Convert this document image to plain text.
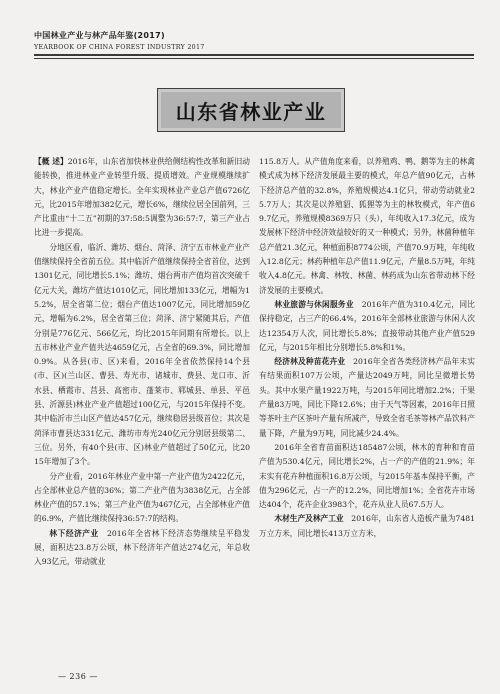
中国林业产业与林产品年鉴(2017)
YEARBOOK OF CHINA FOREST INDUSTRY 2017
山东省林业产业

【概 述】2016年，山东省加快林业供给侧结构性改革和新旧动能转换，推进林业产业转型升级、提质增效。产业规模继续扩大，林业产业产值稳定增长。全年实现林业产业总产值6726亿元，比2015年增加382亿元，增长6%，继续位居全国前列，三产比重由“十二五”初期的37:58:5调整为36:57:7，第三产业占比进一步提高。

分地区看，临沂、潍坊、烟台、菏泽、济宁五市林业产业产值继续保持全省前五位。其中临沂产值继续保持全省首位，达到1301亿元，同比增长5.1%；潍坊、烟台两市产值均首次突破千亿元大关，潍坊产值达1010亿元，同比增加133亿元，增幅为15.2%，居全省第二位；烟台产值达1007亿元，同比增加59亿元，增幅为6.2%，居全省第三位；菏泽、济宁紧随其后，产值分别是776亿元、566亿元，均比2015年同期有所增长。以上五市林业产业产值共达4659亿元，占全省的69.3%，同比增加0.9%。从各县(市、区)来看，2016年全省依然保持14个县(市、区)(兰山区、曹县、寿光市、诸城市、费县、龙口市、沂水县、栖霞市、莒县、高密市、蓬莱市、郓城县、单县、平邑县、沂源县)林业产业产值超过100亿元，与2015年保持不变。其中临沂市兰山区产值达457亿元，继续稳居县级首位；其次是菏泽市曹县达331亿元、潍坊市寿光240亿元分别居县级第二、三位。另外，有40个县(市、区)林业产值超过了50亿元，比2015年增加了3个。

分产业看，2016年林业产业中第一产业产值为2422亿元，占全部林业总产值的36%；第二产业产值为3838亿元，占全部林业产值的57.1%；第三产业产值为467亿元，占全部林业产值的6.9%，产值比继续保持36:57:7的结构。

林下经济产业　 2016年全省林下经济态势继续呈平稳发展，面积达23.8万公顷，林下经济年产值达274亿元，年总收入93亿元，带动就业

115.8万人。从产值角度来看，以养殖鸡、鸭、鹅等为主的林禽模式成为林下经济发展最主要的模式，年总产值90亿元，占林下经济总产值的32.8%，养殖规模达4.1亿只，带动劳动就业25.7万人；其次是以养殖貂、狐狸等为主的林牧模式，年产值69.7亿元，养殖规模8369万只（头），年纯收入17.3亿元，成为发展林下经济中经济效益较好的又一种模式；另外，林菌种植年总产值21.3亿元，种植面积8774公顷，产值70.9万吨，年纯收入12.8亿元；林药种植年总产值11.9亿元，产量8.5万吨，年纯收入4.8亿元。林禽、林牧、林菌、林药成为山东省带动林下经济发展的主要模式。

林业旅游与休闲服务业　 2016年产值为310.4亿元，同比保持稳定，占三产的66.4%，2016年全部林业旅游与休闲人次达12354万人次，同比增长5.8%；直接带动其他产业产值529亿元，与2015年相比分别增长5.8%和1%。

经济林及种苗花卉业　 2016年全省各类经济林产品年末实有结果面积107万公顷，产量达2049万吨，同比呈微增长势头。其中水果产量1922万吨，与2015年同比增加2.2%；干果产量83万吨，同比下降12.6%；由于天气等因素，2016年日照等茶叶主产区茶叶产量有所减产，导致全省毛茶等林产品饮料产量下降，产量为9万吨，同比减少24.4%。

2016年全省育苗面积达185487公顷，林木的育种和育苗产值为530.4亿元，同比增长2%，占一产的产值的21.9%；年末实有花卉种植面积16.8万公顷，与2015年基本保持平衡，产值为296亿元，占一产的12.2%，同比增加1%；全省花卉市场达404个，花卉企业3983个，花卉从业人员67.5万人。

木材生产及林产工业　 2016年，山东省人造板产量为7481万立方米，同比增长413万立方米，

— 236 —
